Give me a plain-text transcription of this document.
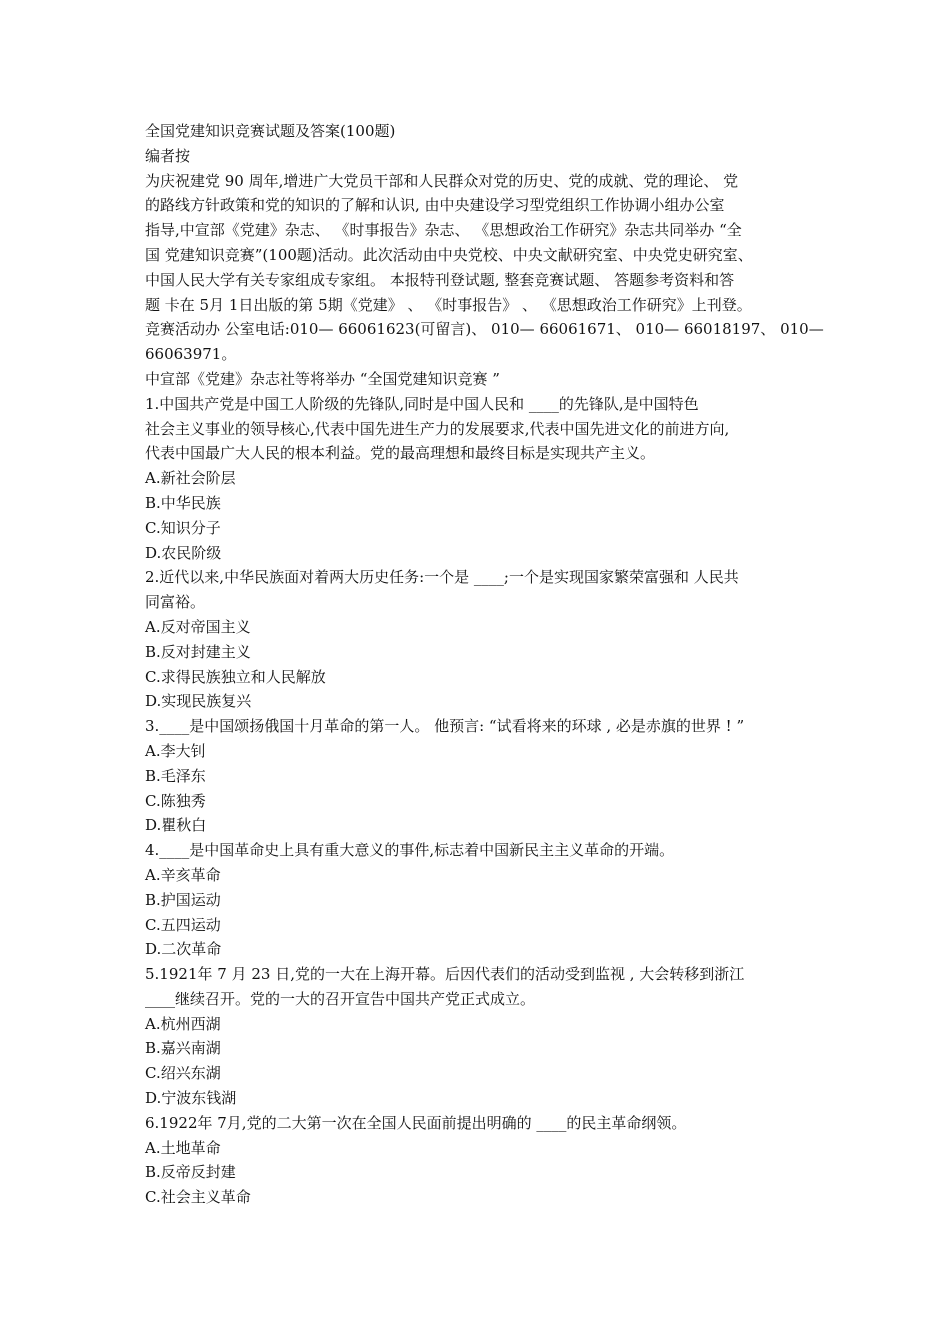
全国党建知识竞赛试题及答案(100题)
编者按
为庆祝建党 90 周年,增进广大党员干部和人民群众对党的历史、党的成就、党的理论、 党
的路线方针政策和党的知识的了解和认识, 由中央建设学习型党组织工作协调小组办公室
指导,中宣部《党建》杂志、 《时事报告》杂志、 《思想政治工作研究》杂志共同举办 “全
国 党建知识竞赛”(100题)活动。此次活动由中央党校、中央文献研究室、中央党史研究室、
中国人民大学有关专家组成专家组。 本报特刊登试题, 整套竞赛试题、 答题参考资料和答
题 卡在 5月 1日出版的第 5期《党建》 、 《时事报告》 、 《思想政治工作研究》上刊登。
竞赛活动办 公室电话:010— 66061623(可留言)、 010— 66061671、 010— 66018197、 010—
66063971。
中宣部《党建》杂志社等将举办 “全国党建知识竞赛 ”
1.中国共产党是中国工人阶级的先锋队,同时是中国人民和 ____的先锋队,是中国特色
社会主义事业的领导核心,代表中国先进生产力的发展要求,代表中国先进文化的前进方向,
代表中国最广大人民的根本利益。党的最高理想和最终目标是实现共产主义。
A.新社会阶层
B.中华民族
C.知识分子
D.农民阶级
2.近代以来,中华民族面对着两大历史任务:一个是 ____;一个是实现国家繁荣富强和 人民共
同富裕。
A.反对帝国主义
B.反对封建主义
C.求得民族独立和人民解放
D.实现民族复兴
3.____是中国颂扬俄国十月革命的第一人。 他预言: “试看将来的环球 , 必是赤旗的世界 ! ”
A.李大钊
B.毛泽东
C.陈独秀
D.瞿秋白
4.____是中国革命史上具有重大意义的事件,标志着中国新民主主义革命的开端。
A.辛亥革命
B.护国运动
C.五四运动
D.二次革命
5.1921年 7 月 23 日,党的一大在上海开幕。后因代表们的活动受到监视 , 大会转移到浙江
____继续召开。党的一大的召开宣告中国共产党正式成立。
A.杭州西湖
B.嘉兴南湖
C.绍兴东湖
D.宁波东钱湖
6.1922年 7月,党的二大第一次在全国人民面前提出明确的 ____的民主革命纲领。
A.土地革命
B.反帝反封建
C.社会主义革命
